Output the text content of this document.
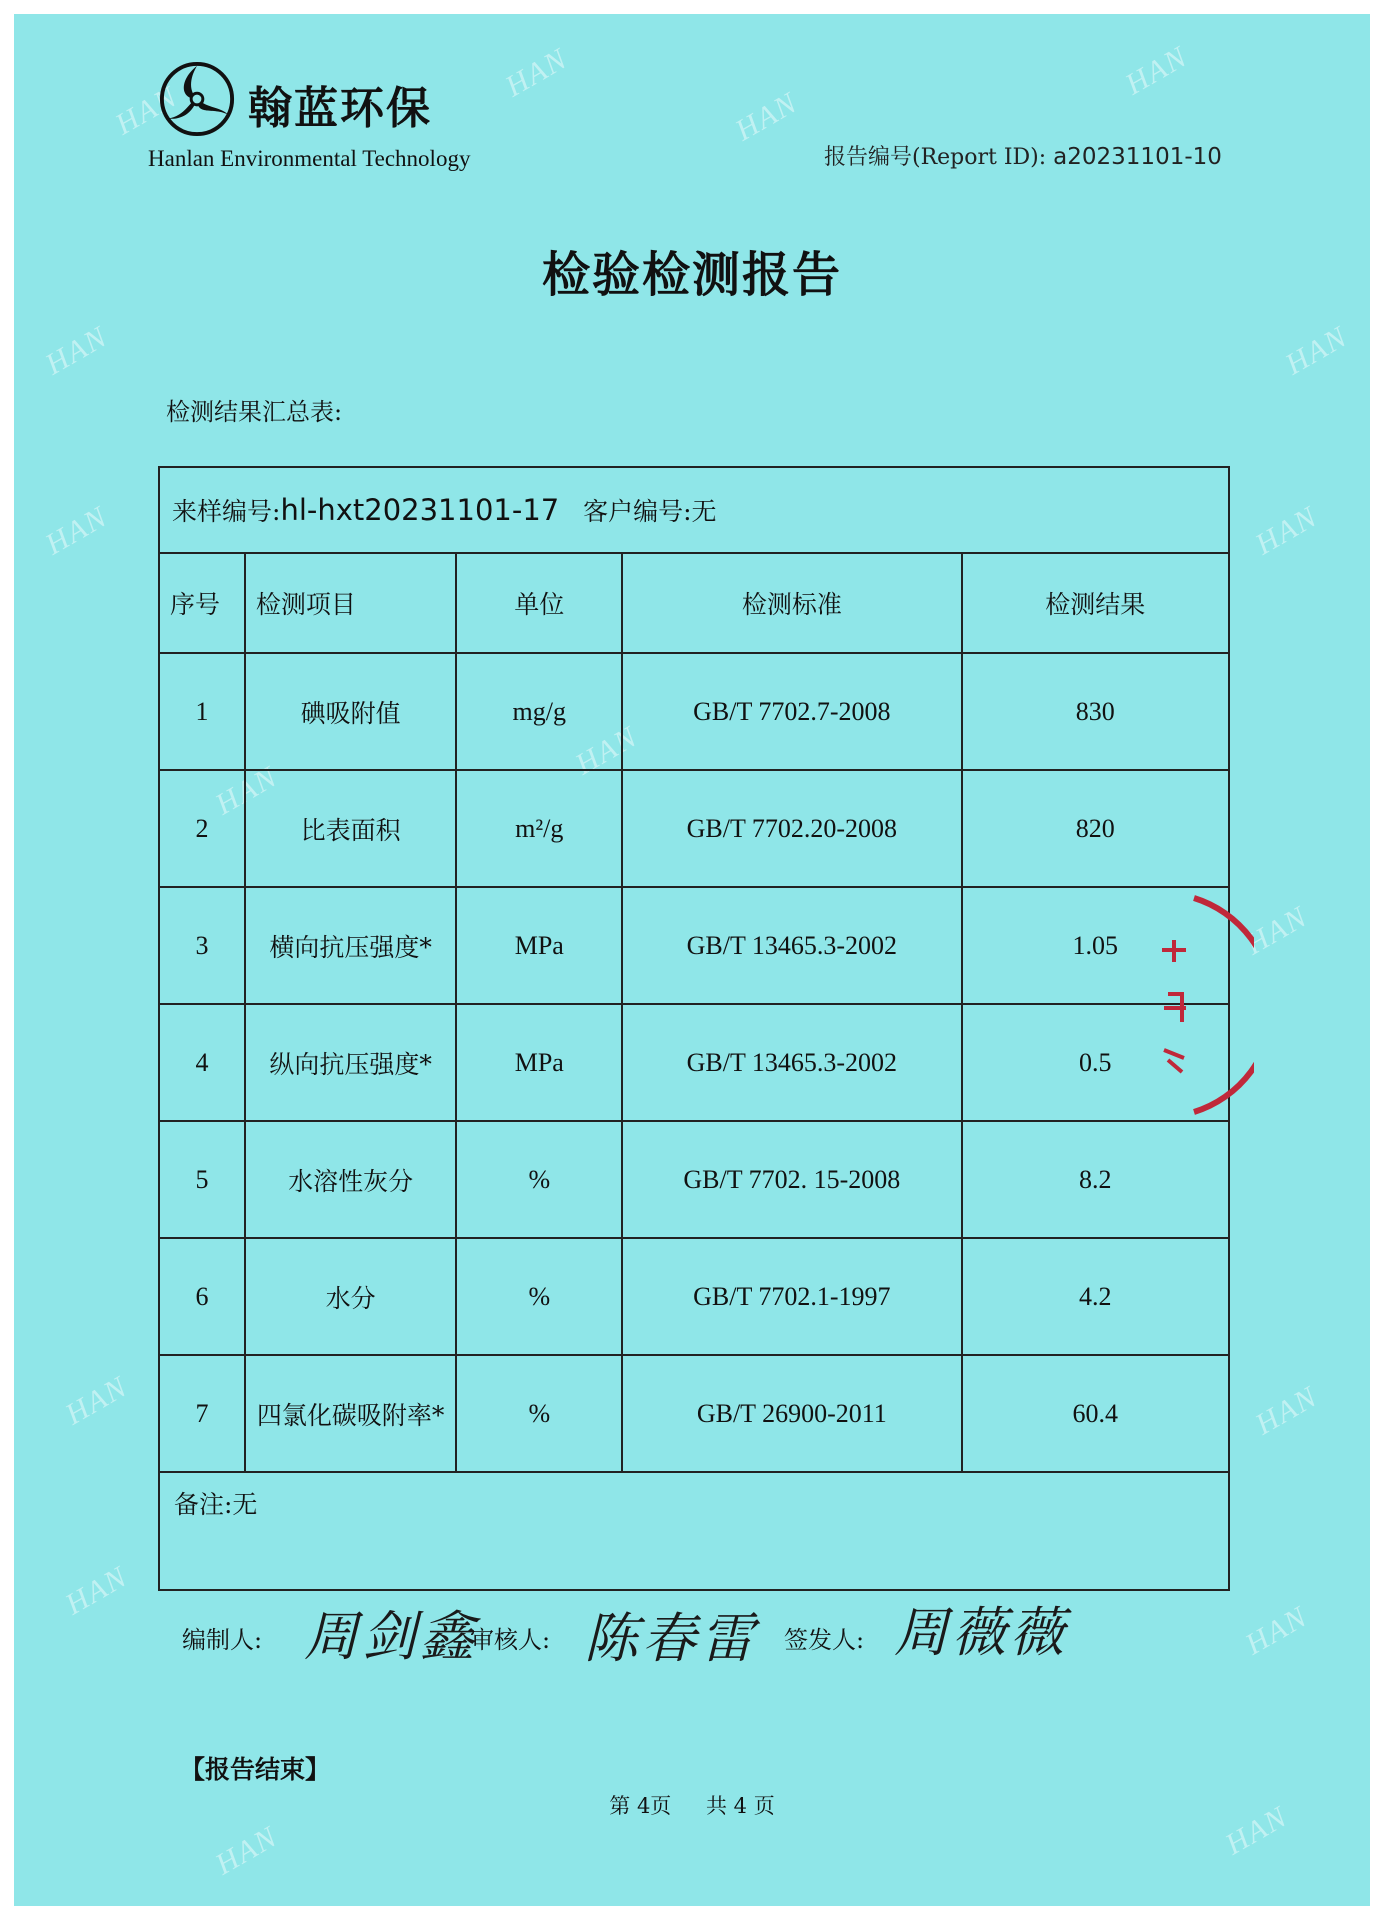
HAN
HAN	HAN
HAN
HAN	HAN
HAN
HAN
HAN
HAN
HAN
HAN	HAN
HAN
HAN
HAN	HAN
翰蓝环保
Hanlan Environmental Technology	报告编号(Report ID): a20231101-10
检验检测报告
检测结果汇总表:
来样编号:hl-hxt20231101-17 客户编号:无				
序号	检测项目	单位	检测标准	检测结果
1	碘吸附值	mg/g	GB/T 7702.7-2008	830
2	比表面积	m²/g	GB/T 7702.20-2008	820
3	横向抗压强度*	MPa	GB/T 13465.3-2002	1.05
4	纵向抗压强度*	MPa	GB/T 13465.3-2002	0.5
5	水溶性灰分	%	GB/T 7702. 15-2008	8.2
6	水分	%	GB/T 7702.1-1997	4.2
7	四氯化碳吸附率*	%	GB/T 26900-2011	60.4
备注:无				
编制人: 周剑鑫
审核人: 陈春雷 签发人: 周薇薇
【报告结束】
第 4页 共 4 页
